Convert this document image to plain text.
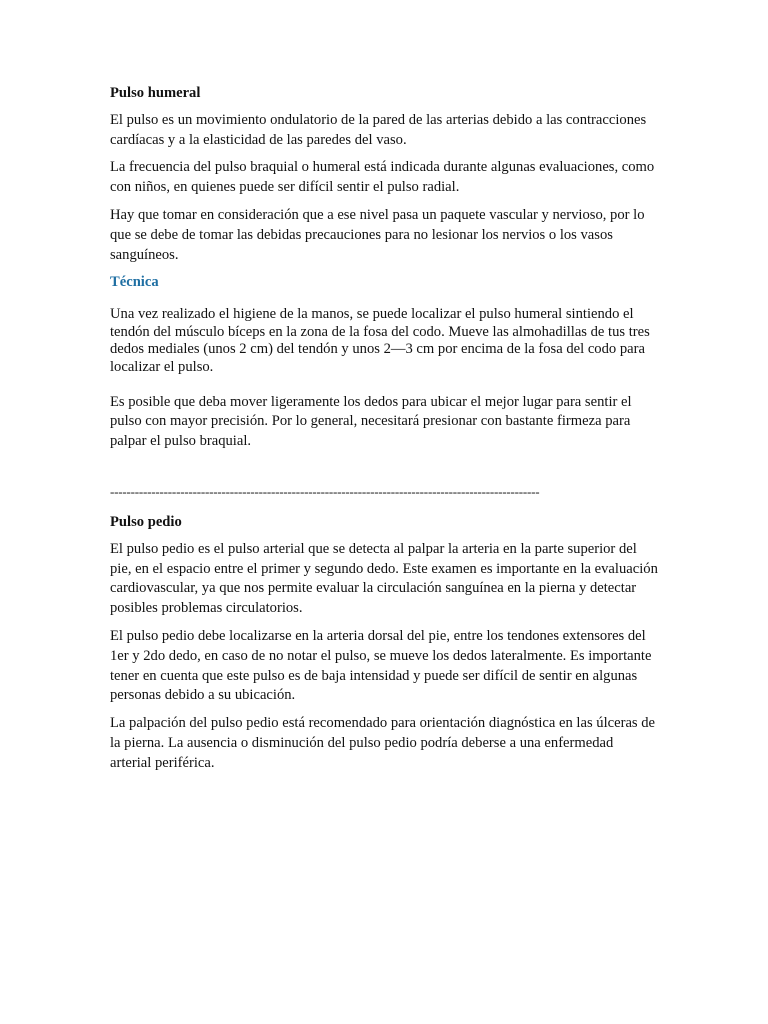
Pulso humeral

El pulso es un movimiento ondulatorio de la pared de las arterias debido a las contracciones cardíacas y a la elasticidad de las paredes del vaso.

La frecuencia del pulso braquial o humeral está indicada durante algunas evaluaciones, como con niños, en quienes puede ser difícil sentir el pulso radial.

Hay que tomar en consideración que a ese nivel pasa un paquete vascular y nervioso, por lo que se debe de tomar las debidas precauciones para no lesionar los nervios o los vasos sanguíneos.

Técnica

Una vez realizado el higiene de la manos, se puede localizar el pulso humeral sintiendo el tendón del músculo bíceps en la zona de la fosa del codo. Mueve las almohadillas de tus tres dedos mediales (unos 2 cm) del tendón y unos 2—3 cm por encima de la fosa del codo para localizar el pulso.

Es posible que deba mover ligeramente los dedos para ubicar el mejor lugar para sentir el pulso con mayor precisión. Por lo general, necesitará presionar con bastante firmeza para palpar el pulso braquial.

--------------------------------------------------------------------------------------------------------

Pulso pedio

El pulso pedio es el pulso arterial que se detecta al palpar la arteria en la parte superior del pie, en el espacio entre el primer y segundo dedo. Este examen es importante en la evaluación cardiovascular, ya que nos permite evaluar la circulación sanguínea en la pierna y detectar posibles problemas circulatorios.

El pulso pedio debe localizarse en la arteria dorsal del pie, entre los tendones extensores del 1er y 2do dedo, en caso de no notar el pulso, se mueve los dedos lateralmente. Es importante tener en cuenta que este pulso es de baja intensidad y puede ser difícil de sentir en algunas personas debido a su ubicación.

La palpación del pulso pedio está recomendado para orientación diagnóstica en las úlceras de la pierna. La ausencia o disminución del pulso pedio podría deberse a una enfermedad arterial periférica.
